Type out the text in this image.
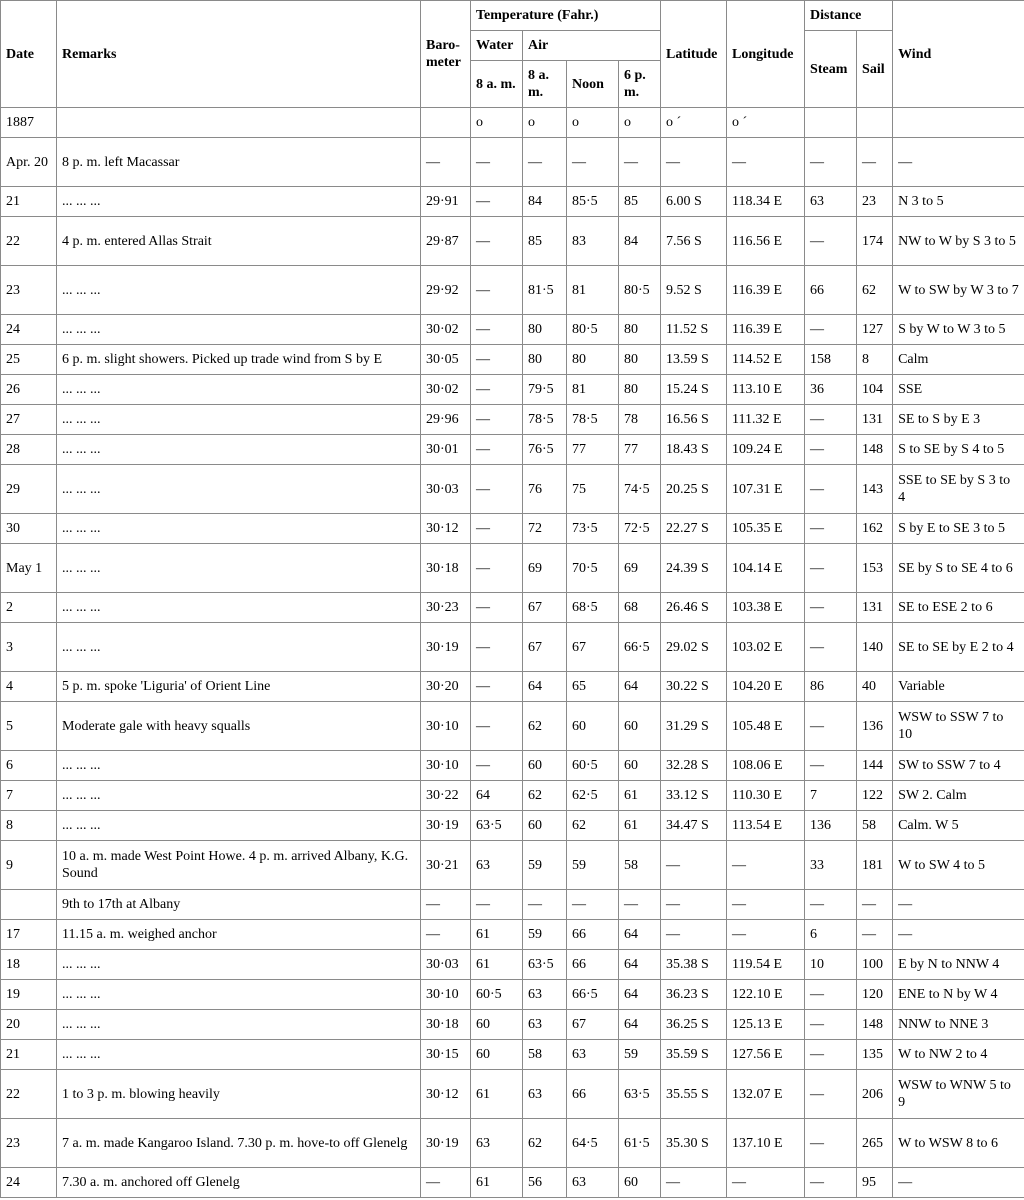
Date	Remarks	Baro-meter	Temperature (Fahr.)				Latitude	Longitude	Distance		Wind
			Water	Air					Steam	Sail	
			8 a. m.	8 a. m.	Noon	6 p. m.					
1887			o	o	o	o	o ´	o ´			
Apr. 20	8 p. m. left Macassar	—	—	—	—	—	—	—	—	—	—
21	... ... ...	29·91	—	84	85·5	85	6.00 S	118.34 E	63	23	N 3 to 5
22	4 p. m. entered Allas Strait	29·87	—	85	83	84	7.56 S	116.56 E	—	174	NW to W by S 3 to 5
23	... ... ...	29·92	—	81·5	81	80·5	9.52 S	116.39 E	66	62	W to SW by W 3 to 7
24	... ... ...	30·02	—	80	80·5	80	11.52 S	116.39 E	—	127	S by W to W 3 to 5
25	6 p. m. slight showers. Picked up trade wind from S by E	30·05	—	80	80	80	13.59 S	114.52 E	158	8	Calm
26	... ... ...	30·02	—	79·5	81	80	15.24 S	113.10 E	36	104	SSE
27	... ... ...	29·96	—	78·5	78·5	78	16.56 S	111.32 E	—	131	SE to S by E 3
28	... ... ...	30·01	—	76·5	77	77	18.43 S	109.24 E	—	148	S to SE by S 4 to 5
29	... ... ...	30·03	—	76	75	74·5	20.25 S	107.31 E	—	143	SSE to SE by S 3 to 4
30	... ... ...	30·12	—	72	73·5	72·5	22.27 S	105.35 E	—	162	S by E to SE 3 to 5
May 1	... ... ...	30·18	—	69	70·5	69	24.39 S	104.14 E	—	153	SE by S to SE 4 to 6
2	... ... ...	30·23	—	67	68·5	68	26.46 S	103.38 E	—	131	SE to ESE 2 to 6
3	... ... ...	30·19	—	67	67	66·5	29.02 S	103.02 E	—	140	SE to SE by E 2 to 4
4	5 p. m. spoke 'Liguria' of Orient Line	30·20	—	64	65	64	30.22 S	104.20 E	86	40	Variable
5	Moderate gale with heavy squalls	30·10	—	62	60	60	31.29 S	105.48 E	—	136	WSW to SSW 7 to 10
6	... ... ...	30·10	—	60	60·5	60	32.28 S	108.06 E	—	144	SW to SSW 7 to 4
7	... ... ...	30·22	64	62	62·5	61	33.12 S	110.30 E	7	122	SW 2. Calm
8	... ... ...	30·19	63·5	60	62	61	34.47 S	113.54 E	136	58	Calm. W 5
9	10 a. m. made West Point Howe. 4 p. m. arrived Albany, K.G. Sound	30·21	63	59	59	58	—	—	33	181	W to SW 4 to 5
	9th to 17th at Albany	—	—	—	—	—	—	—	—	—	—
17	11.15 a. m. weighed anchor	—	61	59	66	64	—	—	6	—	—
18	... ... ...	30·03	61	63·5	66	64	35.38 S	119.54 E	10	100	E by N to NNW 4
19	... ... ...	30·10	60·5	63	66·5	64	36.23 S	122.10 E	—	120	ENE to N by W 4
20	... ... ...	30·18	60	63	67	64	36.25 S	125.13 E	—	148	NNW to NNE 3
21	... ... ...	30·15	60	58	63	59	35.59 S	127.56 E	—	135	W to NW 2 to 4
22	1 to 3 p. m. blowing heavily	30·12	61	63	66	63·5	35.55 S	132.07 E	—	206	WSW to WNW 5 to 9
23	7 a. m. made Kangaroo Island. 7.30 p. m. hove-to off Glenelg	30·19	63	62	64·5	61·5	35.30 S	137.10 E	—	265	W to WSW 8 to 6
24	7.30 a. m. anchored off Glenelg	—	61	56	63	60	—	—	—	95	—
